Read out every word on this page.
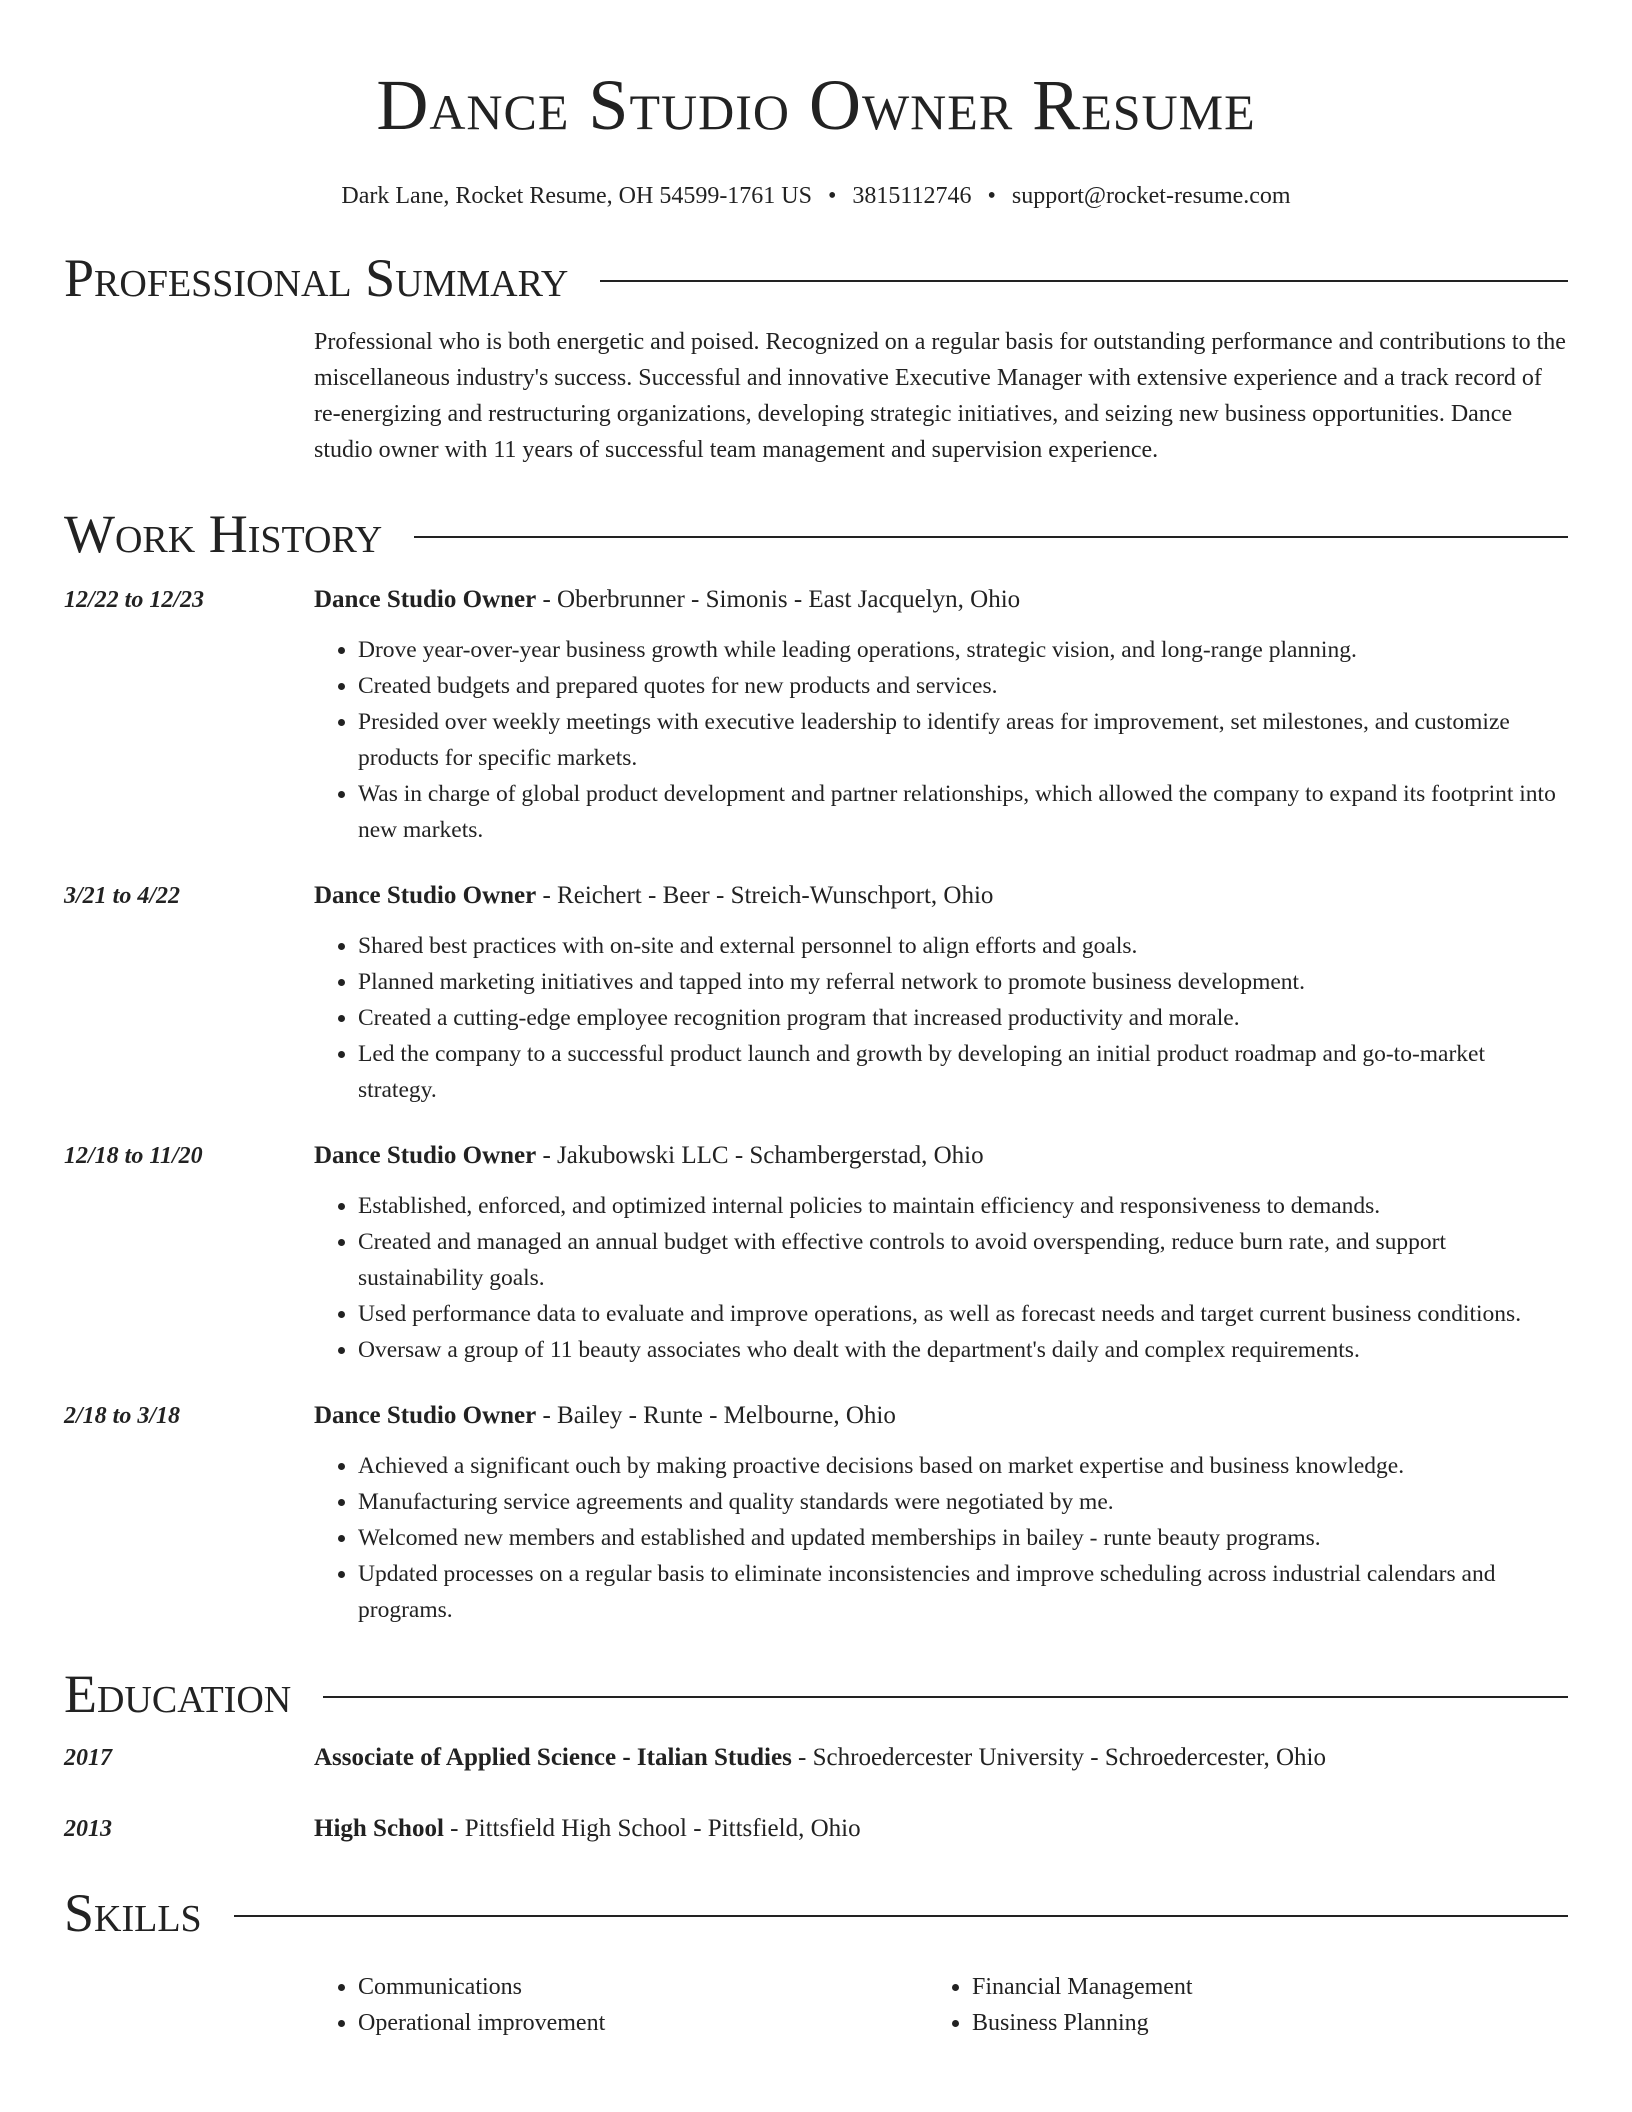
Dance Studio Owner Resume
Dark Lane, Rocket Resume, OH 54599-1761 US • 3815112746 • support@rocket-resume.com
Professional Summary
Professional who is both energetic and poised. Recognized on a regular basis for outstanding performance and contributions to the miscellaneous industry's success. Successful and innovative Executive Manager with extensive experience and a track record of re-energizing and restructuring organizations, developing strategic initiatives, and seizing new business opportunities. Dance studio owner with 11 years of successful team management and supervision experience.
Work History
12/22 to 12/23	Dance Studio Owner - Oberbrunner - Simonis - East Jacquelyn, Ohio
• Drove year-over-year business growth while leading operations, strategic vision, and long-range planning.
• Created budgets and prepared quotes for new products and services.
• Presided over weekly meetings with executive leadership to identify areas for improvement, set milestones, and customize products for specific markets.
• Was in charge of global product development and partner relationships, which allowed the company to expand its footprint into new markets.
3/21 to 4/22	Dance Studio Owner - Reichert - Beer - Streich-Wunschport, Ohio
• Shared best practices with on-site and external personnel to align efforts and goals.
• Planned marketing initiatives and tapped into my referral network to promote business development.
• Created a cutting-edge employee recognition program that increased productivity and morale.
• Led the company to a successful product launch and growth by developing an initial product roadmap and go-to-market strategy.
12/18 to 11/20	Dance Studio Owner - Jakubowski LLC - Schambergerstad, Ohio
• Established, enforced, and optimized internal policies to maintain efficiency and responsiveness to demands.
• Created and managed an annual budget with effective controls to avoid overspending, reduce burn rate, and support sustainability goals.
• Used performance data to evaluate and improve operations, as well as forecast needs and target current business conditions.
• Oversaw a group of 11 beauty associates who dealt with the department's daily and complex requirements.
2/18 to 3/18	Dance Studio Owner - Bailey - Runte - Melbourne, Ohio
• Achieved a significant ouch by making proactive decisions based on market expertise and business knowledge.
• Manufacturing service agreements and quality standards were negotiated by me.
• Welcomed new members and established and updated memberships in bailey - runte beauty programs.
• Updated processes on a regular basis to eliminate inconsistencies and improve scheduling across industrial calendars and programs.
Education
2017	Associate of Applied Science - Italian Studies - Schroedercester University - Schroedercester, Ohio
2013	High School - Pittsfield High School - Pittsfield, Ohio
Skills
• Communications
• Operational improvement
• Financial Management
• Business Planning
